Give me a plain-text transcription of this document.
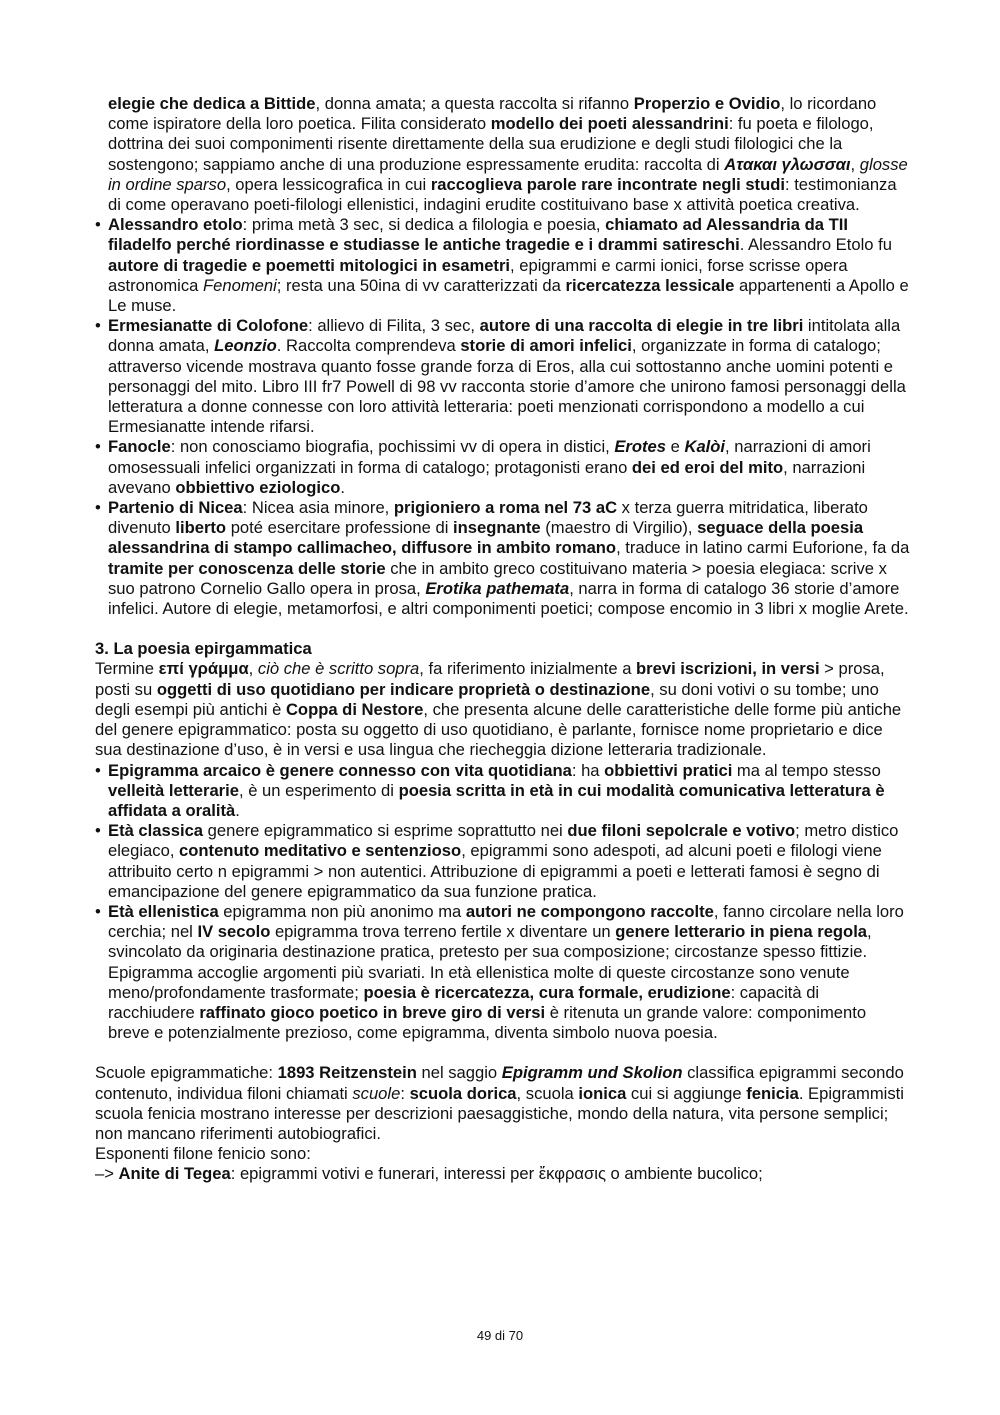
elegie che dedica a Bittide, donna amata; a questa raccolta si rifanno Properzio e Ovidio, lo ricordano come ispiratore della loro poetica. Filita considerato modello dei poeti alessandrini: fu poeta e filologo, dottrina dei suoi componimenti risente direttamente della sua erudizione e degli studi filologici che la sostengono; sappiamo anche di una produzione espressamente erudita: raccolta di Ατακαι γλωσσαι, glosse in ordine sparso, opera lessicografica in cui raccoglieva parole rare incontrate negli studi: testimonianza di come operavano poeti-filologi ellenistici, indagini erudite costituivano base x attività poetica creativa.

• Alessandro etolo: prima metà 3 sec, si dedica a filologia e poesia, chiamato ad Alessandria da TII filadelfo perché riordinasse e studiasse le antiche tragedie e i drammi satireschi. Alessandro Etolo fu autore di tragedie e poemetti mitologici in esametri, epigrammi e carmi ionici, forse scrisse opera astronomica Fenomeni; resta una 50ina di vv caratterizzati da ricercatezza lessicale appartenenti a Apollo e Le muse.
• Ermesianatte di Colofone: allievo di Filita, 3 sec, autore di una raccolta di elegie in tre libri intitolata alla donna amata, Leonzio. Raccolta comprendeva storie di amori infelici, organizzate in forma di catalogo; attraverso vicende mostrava quanto fosse grande forza di Eros, alla cui sottostanno anche uomini potenti e personaggi del mito. Libro III fr7 Powell di 98 vv racconta storie d’amore che unirono famosi personaggi della letteratura a donne connesse con loro attività letteraria: poeti menzionati corrispondono a modello a cui Ermesianatte intende rifarsi.
• Fanocle: non conosciamo biografia, pochissimi vv di opera in distici, Erotes e Kalòi, narrazioni di amori omosessuali infelici organizzati in forma di catalogo; protagonisti erano dei ed eroi del mito, narrazioni avevano obbiettivo eziologico.
• Partenio di Nicea: Nicea asia minore, prigioniero a roma nel 73 aC x terza guerra mitridatica, liberato divenuto liberto poté esercitare professione di insegnante (maestro di Virgilio), seguace della poesia alessandrina di stampo callimacheo, diffusore in ambito romano, traduce in latino carmi Euforione, fa da tramite per conoscenza delle storie che in ambito greco costituivano materia > poesia elegiaca: scrive x suo patrono Cornelio Gallo opera in prosa, Erotika pathemata, narra in forma di catalogo 36 storie d’amore infelici. Autore di elegie, metamorfosi, e altri componimenti poetici; compose encomio in 3 libri x moglie Arete.

3. La poesia epirgammatica

Termine επί γράμμα, ciò che è scritto sopra, fa riferimento inizialmente a brevi iscrizioni, in versi > prosa, posti su oggetti di uso quotidiano per indicare proprietà o destinazione, su doni votivi o su tombe; uno degli esempi più antichi è Coppa di Nestore, che presenta alcune delle caratteristiche delle forme più antiche del genere epigrammatico: posta su oggetto di uso quotidiano, è parlante, fornisce nome proprietario e dice sua destinazione d’uso, è in versi e usa lingua che riecheggia dizione letteraria tradizionale.

• Epigramma arcaico è genere connesso con vita quotidiana: ha obbiettivi pratici ma al tempo stesso velleità letterarie, è un esperimento di poesia scritta in età in cui modalità comunicativa letteratura è affidata a oralità.
• Età classica genere epigrammatico si esprime soprattutto nei due filoni sepolcrale e votivo; metro distico elegiaco, contenuto meditativo e sentenzioso, epigrammi sono adespoti, ad alcuni poeti e filologi viene attribuito certo n epigrammi > non autentici. Attribuzione di epigrammi a poeti e letterati famosi è segno di emancipazione del genere epigrammatico da sua funzione pratica.
• Età ellenistica epigramma non più anonimo ma autori ne compongono raccolte, fanno circolare nella loro cerchia; nel IV secolo epigramma trova terreno fertile x diventare un genere letterario in piena regola, svincolato da originaria destinazione pratica, pretesto per sua composizione; circostanze spesso fittizie. Epigramma accoglie argomenti più svariati. In età ellenistica molte di queste circostanze sono venute meno/profondamente trasformate; poesia è ricercatezza, cura formale, erudizione: capacità di racchiudere raffinato gioco poetico in breve giro di versi è ritenuta un grande valore: componimento breve e potenzialmente prezioso, come epigramma, diventa simbolo nuova poesia.

Scuole epigrammatiche: 1893 Reitzenstein nel saggio Epigramm und Skolion classifica epigrammi secondo contenuto, individua filoni chiamati scuole: scuola dorica, scuola ionica cui si aggiunge fenicia. Epigrammisti scuola fenicia mostrano interesse per descrizioni paesaggistiche, mondo della natura, vita persone semplici; non mancano riferimenti autobiografici.

Esponenti filone fenicio sono:

–> Anite di Tegea: epigrammi votivi e funerari, interessi per ἔκφρασις o ambiente bucolico;

49 di 70
